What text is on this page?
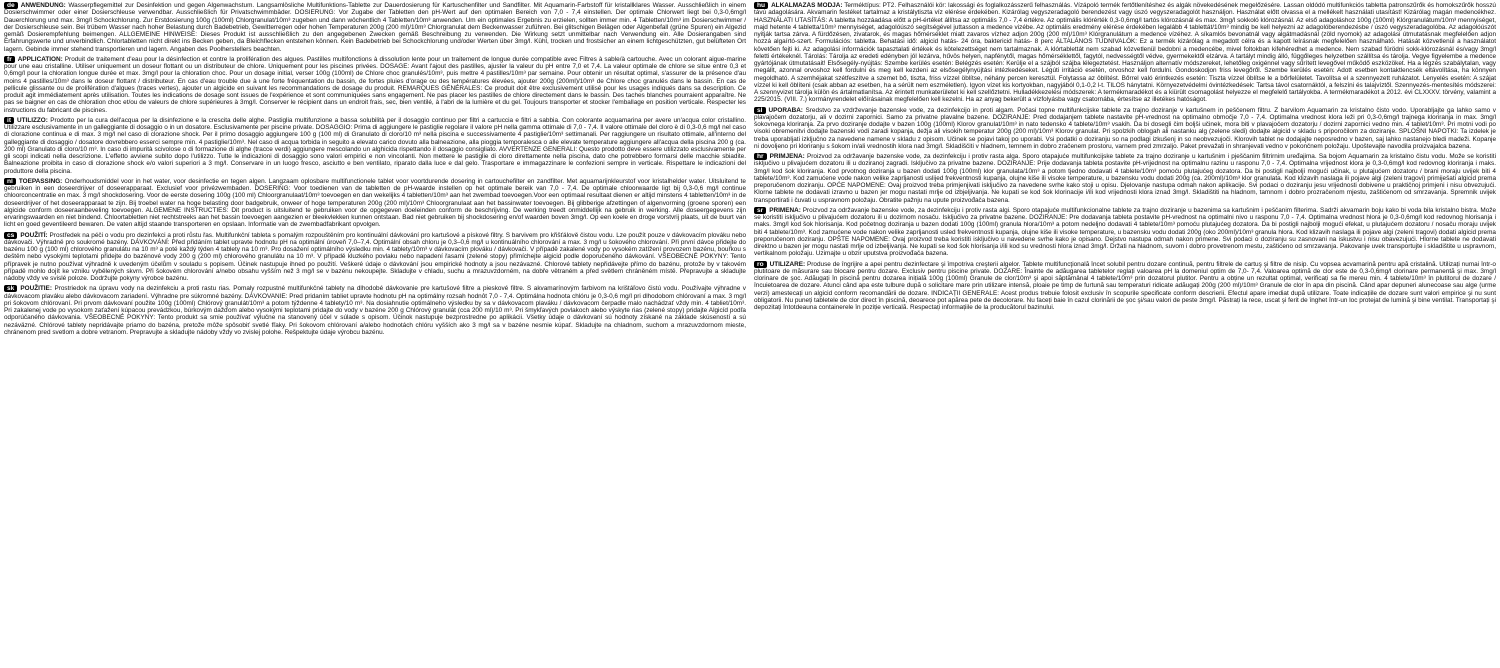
de ANWENDUNG: Wasserpflegemittel zur Desinfektion und gegen Algenwachstum. Langsamlösliche Multifunktions-Tablette zur Dauerdosierung für Kartuschenfilter und Sandfilter. Mit Aquamarin-Farbstoff für kristallklares Wasser. Ausschließlich in einem Dosierschwimmer oder einer Dosierschleuse verwendbar. Ausschließlich für Privatschwimmbäder. DOSIERUNG: Vor Zugabe der Tabletten den pH-Wert auf den optimalen Bereich von 7,0 - 7,4 einstellen. Der optimale Chlorwert liegt bei 0,3-0,6mg/l Dauerchlorung und max. 3mg/l Schockchlorung. Zur Erstdosierung 100g (100ml) Chlorgranulat/10m³ zugeben und dann wöchentlich 4 Tabletten/10m³ anwenden. Um ein optimales Ergebnis zu erzielen, sollten immer min. 4 Tabletten/10m³ im Dosierschwimmer / der Dosierschleuse sein. Bei trübem Wasser nach hoher Belastung durch Badebetrieb, Gewitterregen oder hohen Temperaturen 200g (200 ml)/10m³ Chlorgranulat dem Beckenwasser zuführen. Bei glitschigen Belägen oder Algenbefall (grüne Spuren) ein Algezid gemäß Dosierempfehlung beimengen. ALLGEMEINE HINWEISE: Dieses Produkt ist ausschließlich zu den angegebenen Zwecken gemäß Beschreibung zu verwenden. Die Wirkung setzt unmittelbar nach Verwendung ein. Alle Dosierangaben sind Erfahrungswerte und unverbindlich. Chlortabletten nicht direkt ins Becken geben, da Bleichflecken entstehen können. Kein Badebetrieb bei Schockchlorung und/oder Werten über 3mg/l. Kühl, trocken und frostsicher an einem lichtgeschützten, gut belüfteten Ort lagern. Gebinde immer stehend transportieren und lagern. Angaben des Poolherstellers beachten.

fr APPLICATION: Produit de traitement d'eau pour la désinfection et contre la prolifération des algues. Pastilles multifonctions à dissolution lente pour un traitement de longue durée compatible avec Filtres à sable/à cartouche. Avec un colorant aigue-marine pour une eau cristalline. Utiliser uniquement un doseur flottant ou un distributeur de chlore. Uniquement pour les piscines privées. DOSAGE: Avant l'ajout des pastilles, ajuster la valeur du pH entre 7,0 et 7,4. La valeur optimale de chlore se situe entre 0,3 et 0,6mg/l pour la chloration longue durée et max. 3mg/l pour la chloration choc. Pour un dosage initial, verser 100g (100ml) de Chlore choc granulés/10m³, puis mettre 4 pastilles/10m³ par semaine. Pour obtenir un résultat optimal, s'assurer de la présence d'au moins 4 pastilles/10m³ dans le doseur flottant / distributeur. En cas d'eau trouble due à une forte fréquentation du bassin, de fortes pluies d'orage ou des températures élevées, ajouter 200g (200ml)/10m³ de Chlore choc granulés dans le bassin. En cas de pellicule glissante ou de prolifération d'algues (traces vertes), ajouter un algicide en suivant les recommandations de dosage du produit. REMARQUES GÉNÉRALES: Ce produit doit être exclusivement utilisé pour les usages indiqués dans sa description. Ce produit agit immédiatement après utilisation. Toutes les indications de dosage sont issues de l'expérience et sont communiquées sans engagement. Ne pas placer les pastilles de chlore directement dans le bassin. Des taches blanches pourraient apparaître. Ne pas se baigner en cas de chloration choc et/ou de valeurs de chlore supérieures à 3mg/l. Conserver le récipient dans un endroit frais, sec, bien ventilé, à l'abri de la lumière et du gel. Toujours transporter et stocker l'emballage en position verticale. Respecter les instructions du fabricant de piscines.

it UTILIZZO: Prodotto per la cura dell'acqua per la disinfezione e la crescita delle alghe. Pastiglia multifunzione a bassa solubilità per il dosaggio continuo per filtri a cartuccia e filtri a sabbia. Con colorante acquamarina per avere un'acqua color cristallino. Utilizzare esclusivamente in un galleggiante di dosaggio o in un dosatore. Esclusivamente per piscine private. DOSAGGIO: Prima di aggiungere le pastiglie regolare il valore pH nella gamma ottimale di 7,0 - 7,4. Il valore ottimale del cloro è di 0,3-0,6 mg/l nel caso di clorazione continua e di max. 3 mg/l nel caso di clorazione shock. Per il primo dosaggio aggiungere 100 g (100 ml) di Granulato di cloro/10 m³ nella piscina e successivamente 4 pastiglie/10m³ settimanali. Per raggiungere un risultato ottimale, all'interno del galleggiante di dosaggio / dosatore dovrebbero esserci sempre min. 4 pastiglie/10m³. Nel caso di acqua torbida in seguito a elevato carico dovuto alla balneazione, alla pioggia temporalesca o alle elevate temperature aggiungere all'acqua della piscina 200 g (ca. 200 ml) Granulato di cloro/10 m³. In caso di impurità scivolose o di formazione di alghe (tracce verdi) aggiungere mescolando un alghicida rispettando il dosaggio consigliato. AVVERTENZE GENERALI: Questo prodotto deve essere utilizzato esclusivamente per gli scopi indicati nella descrizione. L'effetto avviene subito dopo l'utilizzo. Tutte le indicazioni di dosaggio sono valori empirici e non vincolanti. Non mettere le pastiglie di cloro direttamente nella piscina, dato che potrebbero formarsi delle macchie sbiadite. Balneazione proibita in caso di clorazione shock e/o valori superiori a 3 mg/l. Conservare in un luogo fresco, asciutto e ben ventilato, riparato dalla luce e dal gelo. Trasportare e immagazzinare le confezioni sempre in verticale. Rispettare le indicazioni del produttore della piscina.

nl TOEPASSING: Onderhoudsmiddel voor in het water, voor desinfectie en tegen algen. Langzaam oplosbare multifunctionele tablet voor voortdurende dosering in cartouchefilter en zandfilter. Met aquamarijnkleurstof voor kristalhelder water. Uitsluitend te gebruiken in een doseerdrijver of doseerapparaat. Exclusief voor privézwembaden. DOSERING: Voor toedienen van de tabletten de pH-waarde instellen op het optimale bereik van 7,0 - 7,4. De optimale chloorwaarde ligt bij 0,3-0,6 mg/l continue chloorconcentratie en max. 3 mg/l shockdosering. Voor de eerste dosering 100g (100 ml) Chloorgranulaat/10m³ toevoegen en dan wekelijks 4 tabletten/10m³ aan het zwembad toevoegen.Voor een optimaal resultaat dienen er altijd minstens 4 tabletten/10m³ in de doseerdrijver of het doseerapparaat te zijn. Bij troebel water na hoge belasting door badgebruik, onweer of hoge temperaturen 200g (200 ml)/10m³ Chloorgranulaat aan het bassinwater toevoegen. Bij glibberige afzettingen of algenvorming (groene sporen) een algicide conform doseeraanbeveling toevoegen. ALGEMENE INSTRUCTIES: Dit product is uitsluitend te gebruiken voor de opgegeven doeleinden conform de beschrijving. De werking treedt onmiddellijk na gebruik in werking. Alle doseergegevens zijn ervaringswaarden en niet bindend. Chloortabletten niet rechtstreeks aan het bassin toevoegen aangezien er bleekvlekken kunnen ontstaan. Bad niet gebruiken bij shockdosering en/of waarden boven 3mg/l. Op een koele en droge vorstvrij plaats, uit de buurt van licht en goed geventileerd bewaren. De vaten altijd staande transporteren en opslaan. Informatie van de zwembadfabrikant opvolgen.

cs POUŽITÍ: Prostředek na péči o vodu pro dezinfekci a proti růstu řas. Multifunkční tableta s pomalým rozpouštěním pro kontinuální dávkování pro kartušové a pískové filtry. S barvivem pro křišťálově čistou vodu. Lze použít pouze v dávkovacím plováku nebo dávkovači. Výhradně pro soukromé bazény. DÁVKOVÁNÍ: Před přidáním tablet upravte hodnotu pH na optimální úroveň 7,0–7,4. Optimální obsah chloru je 0,3–0,6 mg/l u kontinuálního chlorování a max. 3 mg/l u šokového chlorování. Při první dávce přidejte do bazénu 100 g (100 ml) chlorového granulátu na 10 m³ a poté každý týden 4 tablety na 10 m³. Pro dosažení optimálního výsledku min. 4 tablety/10m³ v dávkovacím plováku / dávkovači. V případě zakalené vody po vysokém zatížení provozem bazénu, bouřkou s deštěm nebo vysokými teplotami přidejte do bazénové vody 200 g (200 ml) chlorového granulátu na 10 m³. V případě kluzkého povlaku nebo napadení řasami (zelené stopy) přimíchejte algicid podle doporučeného dávkování. VŠEOBECNÉ POKYNY: Tento přípravek je nutno používat výhradně k uvedeným účelům v souladu s popisem. Účinek nastupuje ihned po použití. Veškeré údaje o dávkování jsou empirické hodnoty a jsou nezávazné. Chlorové tablety nepřidávejte přímo do bazénu, protože by v takovém případě mohlo dojít ke vzniku vybělených skvrn. Při šokovém chlorování a/nebo obsahu vyšším než 3 mg/l se v bazénu nekoupejte. Skladujte v chladu, suchu a mrazuvzdorném, na dobře větraném a před světlem chráněném místě. Přepravujte a skladujte nádoby vždy ve svislé poloze. Dodržujte pokyny výrobce bazénu.

sk POUŽITIE: Prostriedok na úpravu vody na dezinfekciu a proti rastu rias. Pomaly rozpustné multifunkčné tablety na dlhodobé dávkovanie pre kartušové filtre a pieskové filtre. S akvamarínovým farbivom na krištáľovo čistú vodu. Používajte výhradne v dávkovacom plaváku alebo dávkovacom zariadení. Výhradne pre súkromné bazény. DÁVKOVANIE: Pred pridaním tabliet upravte hodnotu pH na optimálny rozsah hodnôt 7,0 - 7,4. Optimálna hodnota chlóru je 0,3-0,6 mg/l pri dlhodobom chlórovaní a max. 3 mg/l pri šokovom chlórovaní. Pri prvom dávkovaní použite 100g (100ml) Chlórový granulát/10m³ a potom týždenne 4 tablety/10 m³. Na dosiahnutie optimálneho výsledku by sa v dávkovacom plaváku / dávkovacom čerpadle malo nachádzať vždy min. 4 tabliet/10m³. Pri zakalenej vode po vysokom zaťažení kúpacou prevádzkou, búrkovým dažďom alebo vysokými teplotami pridajte do vody v bazéne 200 g Chlórový granulát (cca 200 ml)/10 m³. Pri šmykľavých povlakoch alebo výskyte rias (zelené stopy) pridajte Algicíd podľa odporúčaného dávkovania. VŠEOBECNÉ POKYNY: Tento produkt sa smie používať výlučne na stanovený účel v súlade s opisom. Účinok nastupuje bezprostredne po aplikácii. Všetky údaje o dávkovaní sú hodnoty získané na základe skúseností a sú nezáväzné. Chlórové tablety nepridávajte priamo do bazéna, pretože môže spôsobiť svetlé fľaky. Pri šokovom chlórovaní a/alebo hodnotách chlóru vyšších ako 3 mg/l sa v bazéne nesmie kúpať. Skladujte na chladnom, suchom a mrazuvzdornom mieste, chránenom pred svetlom a dobre vetranom. Prepravujte a skladujte nádoby vždy vo zvislej polohe. Rešpektujte údaje výrobcu bazénu.

hu ALKALMAZÁS MÓDJA: Terméktípus: PT2. Felhasználói kör: lakossági és foglalkozásszerű felhasználás. Vízápoló termék fertőtlenítéshez és algák növekedésének megelőzésére. Lassan oldódó multifunkciós tabletta patronszűrők és homokszűrők hosszú távú adagolására. Akvamarin festéket tartalmaz a kristálytiszta víz elérése érdekében. Kizárólag vegyszeradagoló berendezést vagy úszó vegyszeradagolót használjon. Használat előtt olvassa el a mellékelt használati utasítást! Kizárólag magán medencékhez. HASZNÁLATI UTASÍTÁS: A tabletta hozzáadása előtt a pH-értéket állítsa az optimális 7,0 - 7,4 értékre. Az optimális klórérték 0,3-0,6mg/l tartós klórozásnál és max. 3mg/l sokkoló klórozásnál. Az első adagoláshoz 100g (100ml) Klórgranulátum/10m³ mennyiséget, majd hetente 4 tabletta/10m³ mennyiséget, adagolóúszó segítségével juttasson a medence vizébe. Az optimális eredmény elérése érdekében legalább 4 tablettát/10m³ mindig be kell helyezni az adagolóberendezésbe / úszó vegyszeradagolóba. Az adagolóúszót nyitják tartsa zárva. A fürdőzésen, zivatarok, és magas hőmérséklet miatt zavaros vízhez adjon 200g (200 ml)/10m³ Klórgranulátum a medence vízéhez. A síkamlós bevonatnál vagy algátmadásnál (zöld nyomok) az adagolási útmutatásnak megfelelően adjon hozzá algaírtó-szert. Formulációs: tabletta. Behatási idő: algicid hatás- 24 óra, baktericid hatás- 8 perc ÁLTALÁNOS TUDNIVALÓK: Ez a termék kizárólag a megadott célra és a kapott leírásnak megfelelően használható. Hatását közvetlenül a használatot követően fejti ki. Az adagolási információk tapasztalati értékek és kötelezettséget nem tartalmaznak. A klórtablettát nem szabad közvetlenül bedobni a medencébe, mivel foltokban kifehéredhet a medence. Nem szabad fürödni sokk-klórozásnál és/vagy 3mg/l feletti értékeknél. Tárolás: Tárolja az eredeti edényben jól lezárva, hűvös helyen, napfénytől, magas hőmérséklettől, fagytól, nedvességtől védve, gyermekektől elzárva. A tartályt mindig álló, függőleges helyzetben szállítsa és tárolja. Vegye figyelembe a medence gyártójának útmutatásait! Elsősegély-nyújtás: Szembe kerülés esetén: Belégzés esetén: Kerülje el a szájból szájba lélegeztetést. Használjon alternatív módszereket, lehetőleg oxigénnel vagy sűrített levegővel működő eszközöket. Ha a légzés szabálytalan, vagy megállt, azonnal orvoshoz kell fordulni és meg kell kezdeni az elsősegélynyújtási intézkedéseket. Légúti irritáció esetén, orvoshoz kell fordulni. Gondoskodjon friss levegőről. Szembe kerülés esetén: Adott esetben kontaktlencsék eltávolítása, ha könnyen megoldható. A szemhéjakat szétfeszítve a szemet bő, tiszta, friss vízzel öblítse, néhány percen keresztül. Folytassa az öblítést. Bőrrel való érintkezés esetén: Tiszta vízzel öblítse le a bőrfelületet. Tavolítsa el a szennyezett ruházatot. Lenyelés esetén: A szájat vízzel ki kell öblíteni (csak abban az esetben, ha a sérült nem eszméletlen). Igyon vízet kis kortyokban, nagyjából 0,1-0,2 l-t. TILOS hánytatni. Környezetvédelmi óvintézkedések: Tartsa távol csatornáktól, a felszíni és talajvíztől. Szennyezés-mentesítés módszerei: A szennyvizet tárolja külön és ártalmatlanítsa. Az érintett munkaterületet ki kell szellőztetni. Hulladékkezelési módszerek: A termékmaradékot és a kiürült csomagolást helyezze el megfelelő tartályokba. A termékmaradékot a 2012. évi CLXXXV. törvény, valamint a 225/2015. (VIII. 7.) kormányrendelet előírásainak megfelelően kell kezelni. Ha az anyag bekerült a vízfolyásba vagy csatornába, értesítse az illetékes hatóságot.

sl UPORABA: Sredstvo za vzdrževanje bazenske vode, za dezinfekcijo in proti algam. Počasi topne multifunkcijske tablete za trajno doziranje v kartušnem in peščenem filtru. Z barvilom Aquamarin za kristalno čisto vodo. Uporabljajte ga lahko samo v plavajočem dozatorju, ali v dozirni zapornici. Samo za privatne plavalne bazene. DOZIRANJE: Pred dodajanjem tablete nastavite pH-vrednost na optimalno območje 7,0 - 7,4. Optimalna vrednost klora leži pri 0,3-0,6mg/l trajnega kloriranja in max. 3mg/l šokovnega kloriranja. Za prvo doziranje dodajte v bazen 100g (100ml) Klorov granulat/10m³ in nato tedensko 4 tablete/10m³ vsakih. Da bi dosegli čim boljši učinek, mora biti v plavajočem dozatorju / dozirni zapornici vedno min. 4 tablet/10m³. Pri motni vodi po visoki obremenitvi dodajte bazenski vodi zaradi kopanja, dežja ali visokih temperatur 200g (200 ml)/10m³ Klorov granulat. Pri spolzkih oblogah ali nastanku alg (zelene sledi) dodajte algicid v skladu s priporočilom za doziranje. SPLOŠNI NAPOTKI: Ta izdelek je treba uporabljati izključno za navedene namene v skladu z opisom. Učinek se pojavi takoj po uporabi. Vsi podatki o doziranju so na podlagi izkušenj in so neobvezujoči. Klorovih tablet ne dodajajte neposredno v bazen, saj lahko nastanejo bledi madeži. Kopanje ni dovoljeno pri kloriranju s šokom in/ali vrednostih klora nad 3mg/l. Skladiščiti v hladnem, temnem in dobro zračenem prostoru, varnem pred zmrzaljo. Paket prevažati in shranjevati vedno v pokončnem položaju. Upoštevajte navodila proizvajalca bazena.

hr PRIMJENA: Proizvod za održavanje bazenske vode, za dezinfekciju i protiv rasta alga. Sporo otapajuće multifunkcijske tablete za trajno doziranje u kartušnim i pješčanim filtrirnim uređajima. Sa bojom Aquamarin za kristalno čistu vodu. Može se koristiti isključivo u plivajućem dozatoru ili u doziranoj zagradi. Isključivo za privatne bazene. DOZIRANJE: Prije dodavanja tableta postavite pH-vrijednost na optimalnu razinu u rasponu 7,0 - 7,4. Optimalna vrijednost klora je 0,3-0,6mg/l kod redovnog kloriranja i maks. 3mg/l kod šok kloriranja. Kod prvotnog doziranja u bazen dodati 100g (100ml) klor granulata/10m³ a potom tjedno dodavati 4 tablete/10m³ pomoću plutajućeg dozatora. Da bi postigli najbolji mogući učinak, u plutajućem dozatoru / brani moraju uvijek biti 4 tablete/10m³. Kod zamućene vode nakon velike zaprljanosti uslijed frekventnosti kupanja, olujne kiše ili visoke temperature, u bazensku vodu dodati 200g (ca. 200ml)/10m³ klor granulata. Kod klizavih naslaga ili pojave algi (zeleni tragovi) primiješati algicid prema preporučenom doziranju. OPĆE NAPOMENE: Ovaj proizvod treba primjenjivati isključivo za navedene svrhe kako stoji u opisu. Djelovanje nastupa odmah nakon aplikacije. Svi podaci o doziranju jesu vrijednosti dobivene u praktičnoj primjeni i nisu obvezujući. Klorne tablete ne dodavati izravno u bazen jer mogu nastati mrlje od izbjeljivanja. Ne kupati se kod šok klorinacije i/ili kod vrijednosti klora iznad 3mg/l. Skladištiti na hladnom, tamnom i dobro prozračenom mjestu, zaštićenom od smrzavanja. Spremnik uvijek transportirati i čuvati u uspravnom položaju. Obratite pažnju na upute proizvođača bazena.

sr PRIMENA: Proizvod za održavanje bazenske vode, za dezinfekciju i protiv rasta algi. Sporo otapajuće multifunkcionalne tablete za trajno doziranje u bazenima sa kartušnim i peščanim filterima. Sadrži akvamarin boju kako bi voda bila kristalno bistra. Može se koristiti isključivo u plivajućem dozatoru ili u dozirnom nosaču. Isključivo za privatne bazene. DOZIRANJE: Pre dodavanja tableta postavite pH-vrednost na optimalni nivo u rasponu 7,0 - 7,4. Optimalna vrednost hlora je 0,3-0,6mg/l kod redovnog hlorisanja i maks. 3mg/l kod šok hlorisanja. Kod početnog doziranja u bazen dodati 100g (100ml) granula hlora/10m³ a potom nedeljno dodavati 4 tablete/10m³ pomoću plutajućeg dozatora. Da bi postigli najbolji mogući efekat, u plutajućem dozatoru / nosaču moraju uvijek biti 4 tablete/10m³. Kod zamućene vode nakon velike zaprljanosti usled frekventnosti kupanja, olujne kiše ili visoke temperature, u bazensku vodu dodati 200g (oko 200ml)/10m³ granula hlora. Kod klizavih naslaga ili pojave algi (zeleni tragovi) dodati algicid prema preporučenom doziranju. OPŠTE NAPOMENE: Ovaj proizvod treba koristiti isključivo u navedene svrhe kako je opisano. Dejstvo nastupa odmah nakon primene. Svi podaci o doziranju su zasnovani na iskustvu i nisu obavezujući. Hlorne tablete ne dodavati direktno u bazen jer mogu nastati mrlje od izbeljivanja. Ne kupati se kod šok hlorisanja i/ili kod su vrednosti hlora iznad 3mg/l. Držati na hladnom, suvom i dobro provetrenom mestu, zaštićeno od smrzavanja. Pakovanje uvek transportujte i skladištite u uspravnom, vertikalnom položaju. Uzimajte u obzir uputstva proizvođača bazena.

ro UTILIZARE: Produse de îngrijire a apei pentru dezinfectare şi împotriva creşterii algelor. Tablete multifuncţională încet solubil pentru dozare continuă, pentru filtrele de cartuş şi filtre de nisip. Cu vopsea acvamarină pentru apă cristalină. Utilizați numai într-o plutitoare de măsurare sau blocare pentru dozare. Exclusiv pentru piscine private. DOZARE: Înainte de adăugarea tabletelor reglați valoarea pH la domeniul optim de 7,0- 7,4. Valoarea optimă de clor este de 0,3-0,6mg/l clorinare permanentă şi max. 3mg/l clorinare de şoc. Adăugați în piscină pentru dozarea inițială 100g (100ml) Granule de clor/10m³ şi apoi săptămânal 4 tablete/10m³ prin dozatorul plutitor. Pentru a obține un rezultat optimal, verificați sa fie mereu min. 4 tablete/10m³ în plutitorul de dozare / încuietoarea de dozare. Atunci când apa este tulbure după o solicitare mare prin utilizare intensă, ploaie pe timp de furtună sau temperaturi ridicate adăugați 200g (200 ml)/10m³ Granule de clor în apa din piscină. Când apar depuneri alunecoase sau alge (urme verzi) amestecați un algicid conform recomandării de dozare. INDICAȚII GENERALE: Acest produs trebuie folosit exclusiv în scopurile specificate conform descrierii. Efectul apare imediat după utilizare. Toate indicațiile de dozare sunt valori empirice şi nu sunt obligatorii. Nu puneți tabletele de clor direct în piscină, deoarece pot apărea pete de decolorare. Nu faceți baie în cazul clorinării de şoc şi/sau valori de peste 3mg/l. Păstrați la rece, uscat şi ferit de înghet într-un loc protejat de lumină şi bine ventilat. Transportați şi depozitați întotdeauna containerele în poziție verticală. Respectați informațiile de la producătorul bazinului.
